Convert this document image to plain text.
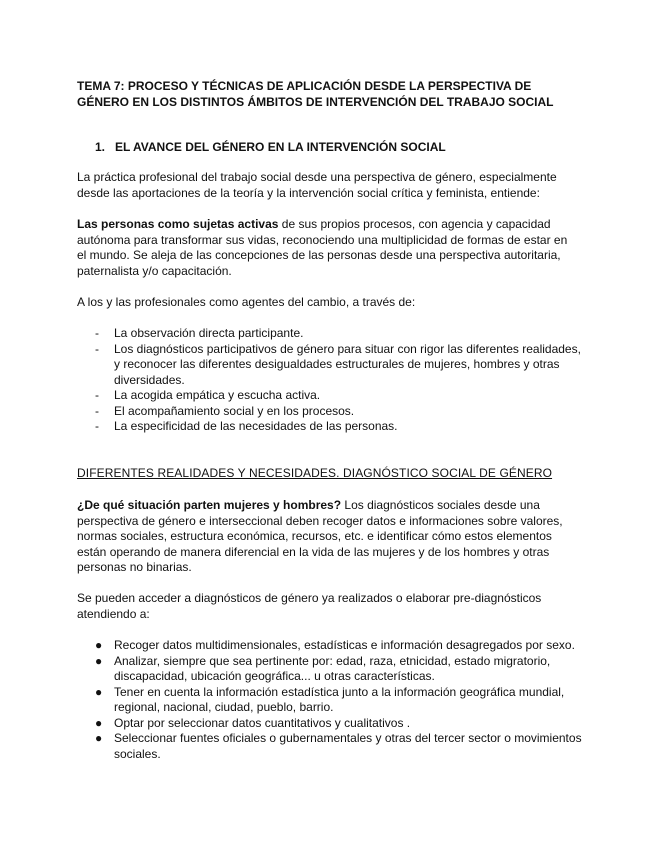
TEMA 7: PROCESO Y TÉCNICAS DE APLICACIÓN DESDE LA PERSPECTIVA DE GÉNERO EN LOS DISTINTOS ÁMBITOS DE INTERVENCIÓN DEL TRABAJO SOCIAL
1. EL AVANCE DEL GÉNERO EN LA INTERVENCIÓN SOCIAL

La práctica profesional del trabajo social desde una perspectiva de género, especialmente desde las aportaciones de la teoría y la intervención social crítica y feminista, entiende:

Las personas como sujetas activas de sus propios procesos, con agencia y capacidad autónoma para transformar sus vidas, reconociendo una multiplicidad de formas de estar en el mundo. Se aleja de las concepciones de las personas desde una perspectiva autoritaria, paternalista y/o capacitación.

A los y las profesionales como agentes del cambio, a través de:

- La observación directa participante.
- Los diagnósticos participativos de género para situar con rigor las diferentes realidades, y reconocer las diferentes desigualdades estructurales de mujeres, hombres y otras diversidades.
- La acogida empática y escucha activa.
- El acompañamiento social y en los procesos.
- La especificidad de las necesidades de las personas.
DIFERENTES REALIDADES Y NECESIDADES. DIAGNÓSTICO SOCIAL DE GÉNERO

¿De qué situación parten mujeres y hombres? Los diagnósticos sociales desde una perspectiva de género e interseccional deben recoger datos e informaciones sobre valores, normas sociales, estructura económica, recursos, etc. e identificar cómo estos elementos están operando de manera diferencial en la vida de las mujeres y de los hombres y otras personas no binarias.

Se pueden acceder a diagnósticos de género ya realizados o elaborar pre-diagnósticos atendiendo a:

● Recoger datos multidimensionales, estadísticas e información desagregados por sexo.
● Analizar, siempre que sea pertinente por: edad, raza, etnicidad, estado migratorio, discapacidad, ubicación geográfica... u otras características.
● Tener en cuenta la información estadística junto a la información geográfica mundial, regional, nacional, ciudad, pueblo, barrio.
● Optar por seleccionar datos cuantitativos y cualitativos .
● Seleccionar fuentes oficiales o gubernamentales y otras del tercer sector o movimientos sociales.
